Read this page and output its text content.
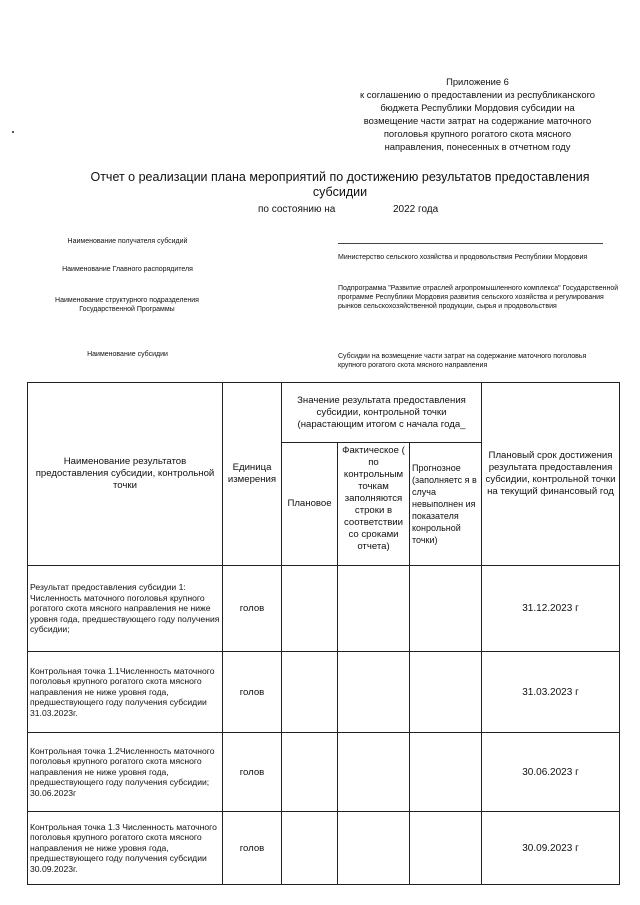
Приложение 6
к соглашению о предоставлении из республиканского
бюджета Республики Мордовия субсидии на
возмещение части затрат на содержание маточного
поголовья крупного рогатого скота мясного
направления, понесенных в отчетном году
Отчет о реализации плана мероприятий по достижению результатов предоставления
субсидии
по состоянию на	2022 года
Наименование получателя субсидий
Наименование Главного распорядителя
Министерство сельского хозяйства и продовольствия Республики Мордовия
Наименование структурного подразделения Государственной Программы
Подпрограмма "Развитие отраслей агропромышленного комплекса" Государственной программе Республики Мордовия развития сельского хозяйства и регулирования рынков сельскохозяйственной продукции, сырья и продовольствия
Наименование субсидии	Субсидии на возмещение части затрат на содержание маточного поголовья крупного рогатого скота мясного направления
Наименование результатов предоставления субсидии, контрольной точки	Единица измерения	Значение результата предоставления субсидии, контрольной точки (нарастающим итогом с начала года_			Плановый срок достижения результата предоставления субсидии, контрольной точки на текущий финансовый год
		Плановое	Фактическое ( по контрольным точкам заполняются строки в соответствии со сроками отчета)	Прогнозное (заполняетс я в случа невыполнен ия показателя конрольной точки)	
Результат предоставления субсидии 1: Численность маточного поголовья крупного рогатого скота мясного направления не ниже уровня года, предшествующего году получения субсидии;	голов				31.12.2023 г
Контрольная точка 1.1Численность маточного поголовья крупного рогатого скота мясного направления не ниже уровня года, предшествующего году получения субсидии 31.03.2023г.	голов				31.03.2023 г
Контрольная точка 1.2Численность маточного поголовья крупного рогатого скота мясного направления не ниже уровня года, предшествующего году получения субсидии; 30.06.2023г	голов				30.06.2023 г
Контрольная точка 1.3 Численность маточного поголовья крупного рогатого скота мясного направления не ниже уровня года, предшествующего году получения субсидии 30.09.2023г.	голов				30.09.2023 г
